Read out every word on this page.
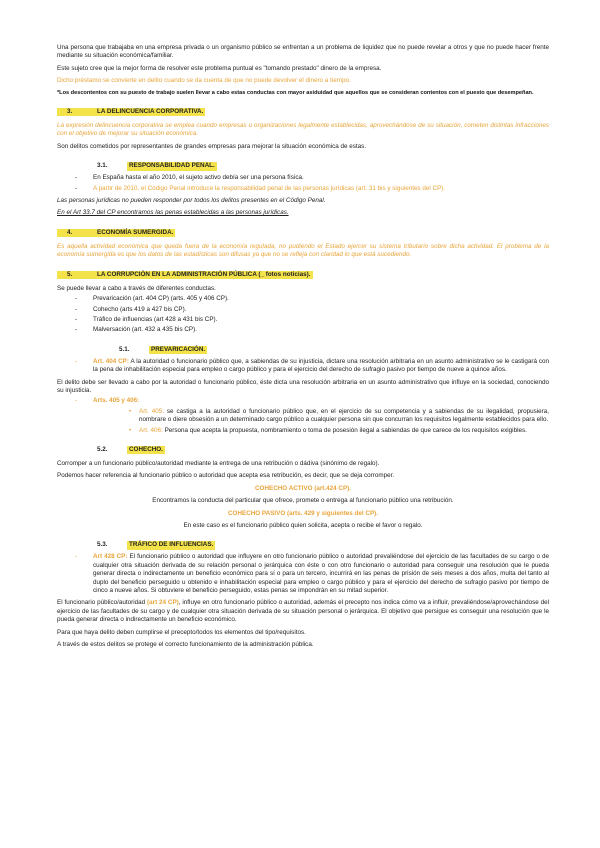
Una persona que trabajaba en una empresa privada o un organismo público se enfrentan a un problema de liquidez que no puede revelar a otros y que no puede hacer frente mediante su situación económica/familiar.

Este sujeto cree que la mejor forma de resolver este problema puntual es "tomando prestado" dinero de la empresa.

Dicho préstamo se convierte en delito cuando se da cuenta de que no puede devolver el dinero a tiempo.

*Los descontentos con su puesto de trabajo suelen llevar a cabo estas conductas con mayor asiduidad que aquellos que se consideran contentos con el puesto que desempeñan.

3.	LA DELINCUENCIA CORPORATIVA.

La expresión delincuencia corporativa se emplea cuando empresas u organizaciones legalmente establecidas, aprovechándose de su situación, cometen distintas infracciones con el objetivo de mejorar su situación económica.

Son delitos cometidos por representantes de grandes empresas para mejorar la situación económica de estas.

3.1.	RESPONSABILIDAD PENAL.
-	En España hasta el año 2010, el sujeto activo debía ser una persona física.

-	A partir de 2010, el Código Penal introduce la responsabilidad penal de las personas jurídicas (art. 31 bis y siguientes del CP).

Las personas jurídicas no pueden responder por todos los delitos presentes en el Código Penal.

En el Art 33.7 del CP encontramos las penas establecidas a las personas jurídicas.

4.	ECONOMÍA SUMERGIDA.

Es aquella actividad económica que queda fuera de la economía regulada, no pudiendo el Estado ejercer su sistema tributario sobre dicha actividad. El problema de la economía sumergida es que los datos de las estadísticas son difusas ya que no se refleja con claridad lo que está sucediendo.

5.	LA CORRUPCIÓN EN LA ADMINISTRACIÓN PÚBLICA (_ fotos noticias).

Se puede llevar a cabo a través de diferentes conductas.

-	Prevaricación (art. 404 CP) (arts. 405 y 406 CP).

-	Cohecho (arts 419 a 427 bis CP).

-	Tráfico de influencias (art 428 a 431 bis CP).

-	Malversación (art. 432 a 435 bis CP).

5.1.	PREVARICACIÓN.
-	Art. 404 CP: A la autoridad o funcionario público que, a sabiendas de su injusticia, dictare una resolución arbitraria en un asunto administrativo se le castigará con la pena de inhabilitación especial para empleo o cargo público y para el ejercicio del derecho de sufragio pasivo por tiempo de nueve a quince años.

El delito debe ser llevado a cabo por la autoridad o funcionario público, éste dicta una resolución arbitraria en un asunto administrativo que influye en la sociedad, conociendo su injusticia.

-	Arts. 405 y 406:

•	Art. 405: se castiga a la autoridad o funcionario público que, en el ejercicio de su competencia y a sabiendas de su ilegalidad, propusiera, nombrare o diere obsesión a un determinado cargo público a cualquier persona sin que concurran los requisitos legalmente establecidos para ello.

•	Art. 406: Persona que acepta la propuesta, nombramiento o toma de posesión ilegal a sabiendas de que carece de los requisitos exigibles.

5.2.	COHECHO.

Corromper a un funcionario público/autoridad mediante la entrega de una retribución o dádiva (sinónimo de regalo).

Podemos hacer referencia al funcionario público o autoridad que acepta esa retribución, es decir, que se deja corromper.

COHECHO ACTIVO (art.424 CP).

Encontramos la conducta del particular que ofrece, promete o entrega al funcionario público una retribución.

COHECHO PASIVO (arts. 429 y siguientes del CP).

En este caso es el funcionario público quien solicita, acepta o recibe el favor o regalo.

5.3.	TRÁFICO DE INFLUENCIAS.
-	Art 428 CP: El funcionario público o autoridad que influyere en otro funcionario público o autoridad prevaliéndose del ejercicio de las facultades de su cargo o de cualquier otra situación derivada de su relación personal o jerárquica con éste o con otro funcionario o autoridad para conseguir una resolución que le pueda generar directa o indirectamente un beneficio económico para sí o para un tercero, incurrirá en las penas de prisión de seis meses a dos años, multa del tanto al duplo del beneficio perseguido u obtenido e inhabilitación especial para empleo o cargo público y para el ejercicio del derecho de sufragio pasivo por tiempo de cinco a nueve años. Si obtuviere el beneficio perseguido, estas penas se impondrán en su mitad superior.

El funcionario público/autoridad (art 24 CP), influye en otro funcionario público o autoridad, además el precepto nos indica cómo va a influir, prevaliéndose/aprovechándose del ejercicio de las facultades de su cargo y de cualquier otra situación derivada de su situación personal o jerárquica. El objetivo que persigue es conseguir una resolución que le pueda generar directa o indirectamente un beneficio económico.

Para que haya delito deben cumplirse el precepto/todos los elementos del tipo/requisitos.

A través de estos delitos se protege el correcto funcionamiento de la administración pública.
